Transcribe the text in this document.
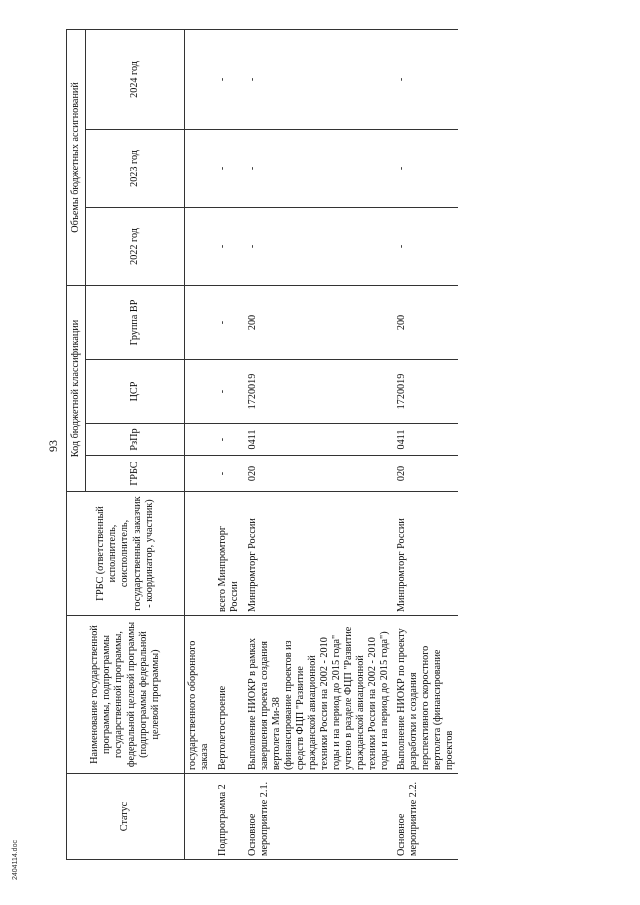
93
2404114.doc
Статус	Наименование государственной программы, подпрограммы государственной программы, федеральной целевой программы (подпрограммы федеральной целевой программы)	ГРБС (ответственный исполнитель, соисполнитель, государственный заказчик - координатор, участник)	Код бюджетной классификации				Объемы бюджетных ассигнований		
			ГРБС	РзПр	ЦСР	Группа ВР	2022 год	2023 год	2024 год
	государственного оборонного заказа								
Подпрограмма 2	Вертолетостроение	всего Минпромторг России	-	-	-	-	-	-	-
Основное мероприятие 2.1.	Выполнение НИОКР в рамках завершения проекта создания вертолета Ми-38 (финансирование проектов из средств ФЦП "Развитие гражданской авиационной техники России на 2002 - 2010 годы и на период до 2015 года" учтено в разделе ФЦП "Развитие гражданской авиационной техники России на 2002 - 2010 годы и на период до 2015 года")	Минпромторг России	020	0411	1720019	200	-	-	-
Основное мероприятие 2.2.	Выполнение НИОКР по проекту разработки и создания перспективного скоростного вертолета (финансирование проектов	Минпромторг России	020	0411	1720019	200	-	-	-
